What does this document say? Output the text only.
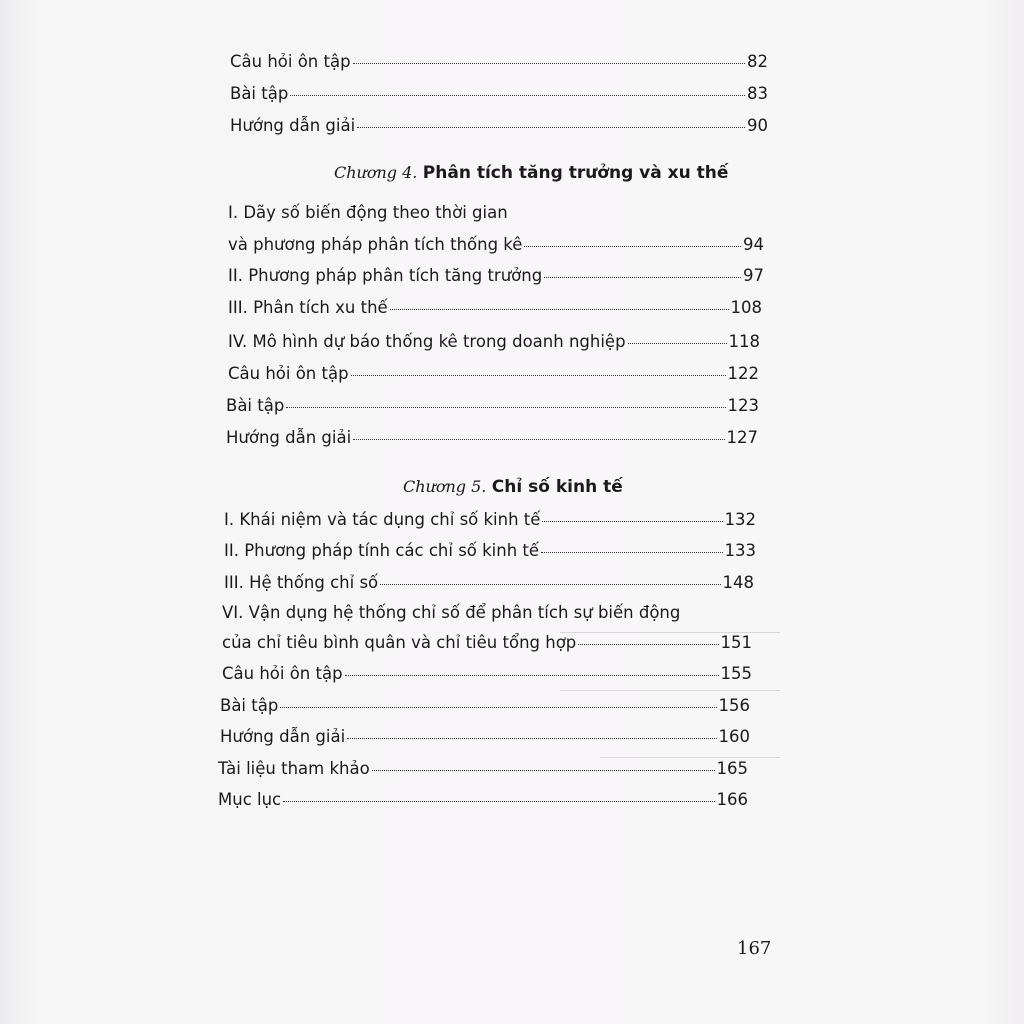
Câu hỏi ôn tập	82
Bài tập	83
Hướng dẫn giải	90
Chương 4. Phân tích tăng trưởng và xu thế
I. Dãy số biến động theo thời gian
và phương pháp phân tích thống kê	94
II. Phương pháp phân tích tăng trưởng	97
III. Phân tích xu thế	108
IV. Mô hình dự báo thống kê trong doanh nghiệp	118
Câu hỏi ôn tập	122
Bài tập	123
Hướng dẫn giải	127
Chương 5. Chỉ số kinh tế
I. Khái niệm và tác dụng chỉ số kinh tế	132
II. Phương pháp tính các chỉ số kinh tế	133
III. Hệ thống chỉ số	148
VI. Vận dụng hệ thống chỉ số để phân tích sự biến động
của chỉ tiêu bình quân và chỉ tiêu tổng hợp	151
Câu hỏi ôn tập	155
Bài tập	156
Hướng dẫn giải	160
Tài liệu tham khảo	165
Mục lục	166
167
